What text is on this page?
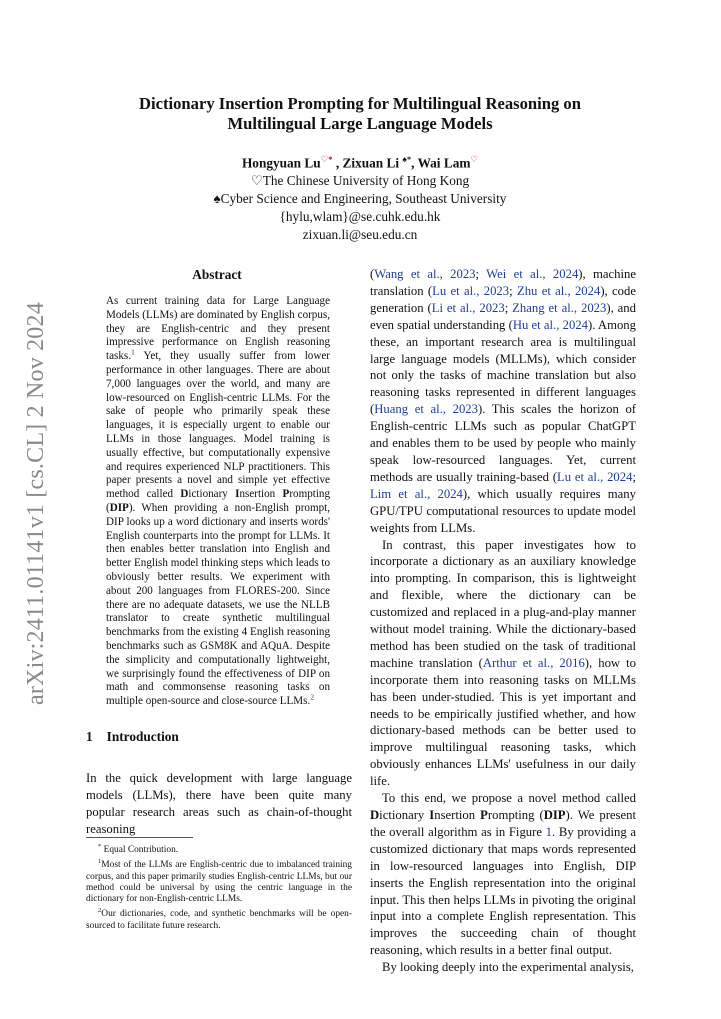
arXiv:2411.01141v1 [cs.CL] 2 Nov 2024
Dictionary Insertion Prompting for Multilingual Reasoning on Multilingual Large Language Models
Hongyuan Lu♡* , Zixuan Li ♠*, Wai Lam♡
♡The Chinese University of Hong Kong
♠Cyber Science and Engineering, Southeast University
{hylu,wlam}@se.cuhk.edu.hk
zixuan.li@seu.edu.cn
Abstract

As current training data for Large Language Models (LLMs) are dominated by English corpus, they are English-centric and they present impressive performance on English reasoning tasks.$^1$ Yet, they usually suffer from lower performance in other languages. There are about 7,000 languages over the world, and many are low-resourced on English-centric LLMs. For the sake of people who primarily speak these languages, it is especially urgent to enable our LLMs in those languages. Model training is usually effective, but computationally expensive and requires experienced NLP practitioners. This paper presents a novel and simple yet effective method called Dictionary Insertion Prompting (DIP). When providing a non-English prompt, DIP looks up a word dictionary and inserts words' English counterparts into the prompt for LLMs. It then enables better translation into English and better English model thinking steps which leads to obviously better results. We experiment with about 200 languages from FLORES-200. Since there are no adequate datasets, we use the NLLB translator to create synthetic multilingual benchmarks from the existing 4 English reasoning benchmarks such as GSM8K and AQuA. Despite the simplicity and computationally lightweight, we surprisingly found the effectiveness of DIP on math and commonsense reasoning tasks on multiple open-source and close-source LLMs.$^2$

1 Introduction

In the quick development with large language models (LLMs), there have been quite many popular research areas such as chain-of-thought reasoning

* Equal Contribution.

$^1$Most of the LLMs are English-centric due to imbalanced training corpus, and this paper primarily studies English-centric LLMs, but our method could be universal by using the centric language in the dictionary for non-English-centric LLMs.

$^2$Our dictionaries, code, and synthetic benchmarks will be open-sourced to facilitate future research.

(Wang et al., 2023; Wei et al., 2024), machine translation (Lu et al., 2023; Zhu et al., 2024), code generation (Li et al., 2023; Zhang et al., 2023), and even spatial understanding (Hu et al., 2024). Among these, an important research area is multilingual large language models (MLLMs), which consider not only the tasks of machine translation but also reasoning tasks represented in different languages (Huang et al., 2023). This scales the horizon of English-centric LLMs such as popular ChatGPT and enables them to be used by people who mainly speak low-resourced languages. Yet, current methods are usually training-based (Lu et al., 2024; Lim et al., 2024), which usually requires many GPU/TPU computational resources to update model weights from LLMs.

In contrast, this paper investigates how to incorporate a dictionary as an auxiliary knowledge into prompting. In comparison, this is lightweight and flexible, where the dictionary can be customized and replaced in a plug-and-play manner without model training. While the dictionary-based method has been studied on the task of traditional machine translation (Arthur et al., 2016), how to incorporate them into reasoning tasks on MLLMs has been under-studied. This is yet important and needs to be empirically justified whether, and how dictionary-based methods can be better used to improve multilingual reasoning tasks, which obviously enhances LLMs' usefulness in our daily life.

To this end, we propose a novel method called Dictionary Insertion Prompting (DIP). We present the overall algorithm as in Figure 1. By providing a customized dictionary that maps words represented in low-resourced languages into English, DIP inserts the English representation into the original input. This then helps LLMs in pivoting the original input into a complete English representation. This improves the succeeding chain of thought reasoning, which results in a better final output.

By looking deeply into the experimental analysis,
